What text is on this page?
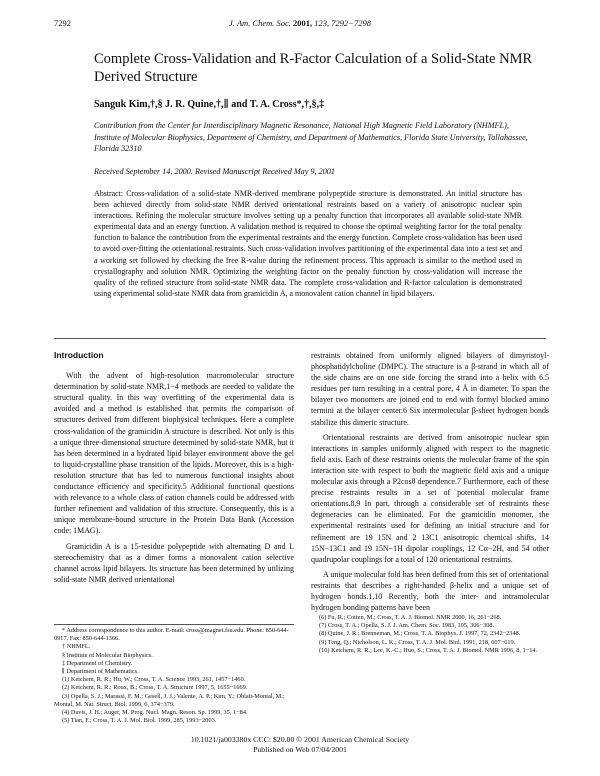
7292	J. Am. Chem. Soc. 2001, 123, 7292−7298
Complete Cross-Validation and R-Factor Calculation of a Solid-State NMR Derived Structure
Sanguk Kim,†,§ J. R. Quine,†,∥ and T. A. Cross*,†,§,‡
Contribution from the Center for Interdisciplinary Magnetic Resonance, National High Magnetic Field Laboratory (NHMFL), Institute of Molecular Biophysics, Department of Chemistry, and Department of Mathematics, Florida State University, Tallahassee, Florida 32310
Received September 14, 2000. Revised Manuscript Received May 9, 2001

Abstract: Cross-validation of a solid-state NMR-derived membrane polypeptide structure is demonstrated. An initial structure has been achieved directly from solid-state NMR derived orientational restraints based on a variety of anisotropic nuclear spin interactions. Refining the molecular structure involves setting up a penalty function that incorporates all available solid-state NMR experimental data and an energy function. A validation method is required to choose the optimal weighting factor for the total penalty function to balance the contribution from the experimental restraints and the energy function. Complete cross-validation has been used to avoid over-fitting the orientational restraints. Such cross-validation involves partitioning of the experimental data into a test set and a working set followed by checking the free R-value during the refinement process. This approach is similar to the method used in crystallography and solution NMR. Optimizing the weighting factor on the penalty function by cross-validation will increase the quality of the refined structure from solid-state NMR data. The complete cross-validation and R-factor calculation is demonstrated using experimental solid-state NMR data from gramicidin A, a monovalent cation channel in lipid bilayers.

Introduction

With the advent of high-resolution macromolecular structure determination by solid-state NMR,1−4 methods are needed to validate the structural quality. In this way overfitting of the experimental data is avoided and a method is established that permits the comparison of structures derived from different biophysical techniques. Here a complete cross-validation of the gramicidin A structure is described. Not only is this a unique three-dimensional structure determined by solid-state NMR, but it has been determined in a hydrated lipid bilayer environment above the gel to liquid-crystalline phase transition of the lipids. Moreover, this is a high-resolution structure that has led to numerous functional insights about conductance efficiency and specificity.5 Additional functional questions with relevance to a whole class of cation channels could be addressed with further refinement and validation of this structure. Consequently, this is a unique membrane-bound structure in the Protein Data Bank (Accession code: 1MAG).

Gramicidin A is a 15-residue polypeptide with alternating D and L stereochemistry that as a dimer forms a monovalent cation selective channel across lipid bilayers. Its structure has been determined by utilizing solid-state NMR derived orientational

restraints obtained from uniformly aligned bilayers of dimyristoyl-phosphatidylcholine (DMPC). The structure is a β-strand in which all of the side chains are on one side forcing the strand into a helix with 6.5 residues per turn resulting in a central pore, 4 Å in diameter. To span the bilayer two monomers are joined end to end with formyl blocked amino termini at the bilayer center.6 Six intermolecular β-sheet hydrogen bonds stabilize this dimeric structure.

Orientational restraints are derived from anisotropic nuclear spin interactions in samples uniformly aligned with respect to the magnetic field axis. Each of these restraints orients the molecular frame of the spin interaction site with respect to both the magnetic field axis and a unique molecular axis through a P2cosθ dependence.7 Furthermore, each of these precise restraints results in a set of potential molecular frame orientations.8,9 In part, through a considerable set of restraints these degeneracies can be eliminated. For the gramicidin monomer, the experimental restraints used for defining an initial structure and for refinement are 19 15N and 2 13C1 anisotropic chemical shifts, 14 15N−13C1 and 19 15N−1H dipolar couplings, 12 Cα−2H, and 54 other quadrupolar couplings for a total of 120 orientational restraints.

A unique molecular fold has been defined from this set of orientational restraints that describes a right-handed β-helix and a unique set of hydrogen bonds.1,10 Recently, both the inter- and intramolecular hydrogen bonding patterns have been

* Address correspondence to this author. E-mail: cross@magnet.fsu.edu. Phone: 850-644-0917. Fax: 850-644-1366.
† NHMFL.
§ Institute of Molecular Biophysics.
‡ Department of Chemistry.
∥ Department of Mathematics.
(1) Ketchem, R. R.; Hu, W.; Cross, T. A. Science 1993, 261, 1457−1460.
(2) Ketchem, R. R.; Roux, B.; Cross, T. A. Structure 1997, 5, 1655−1669.
(3) Opella, S. J.; Marassi, F. M.; Gesell, J. J.; Valente, A. P.; Kim, Y.; Oblatt-Montal, M.; Montal, M. Nat. Struct. Biol. 1999, 6, 374−379.
(4) Davis, J. H.; Auger, M. Prog. Nucl. Magn. Reson. Sp. 1999, 35, 1−84.
(5) Tian, F.; Cross, T. A. J. Mol. Biol. 1999, 285, 1993−2003.
(6) Fu, R.; Cotten, M.; Cross, T. A. J. Biomol. NMR 2000, 16, 261−268.
(7) Cross, T. A.; Opella, S. J. J. Am. Chem. Soc. 1983, 105, 306−308.
(8) Quine, J. R.; Brenneman, M.; Cross, T. A. Biophys. J. 1997, 72, 2342−2348.
(9) Teng, Q.; Nicholson, L. K.; Cross, T. A. J. Mol. Biol. 1991, 218, 607−619.
(10) Ketchem, R. R.; Lee, K.-C.; Huo, S.; Cross, T. A. J. Biomol. NMR 1996, 8, 1−14.
10.1021/ja003380x CCC: $20.00 © 2001 American Chemical Society
Published on Web 07/04/2001
